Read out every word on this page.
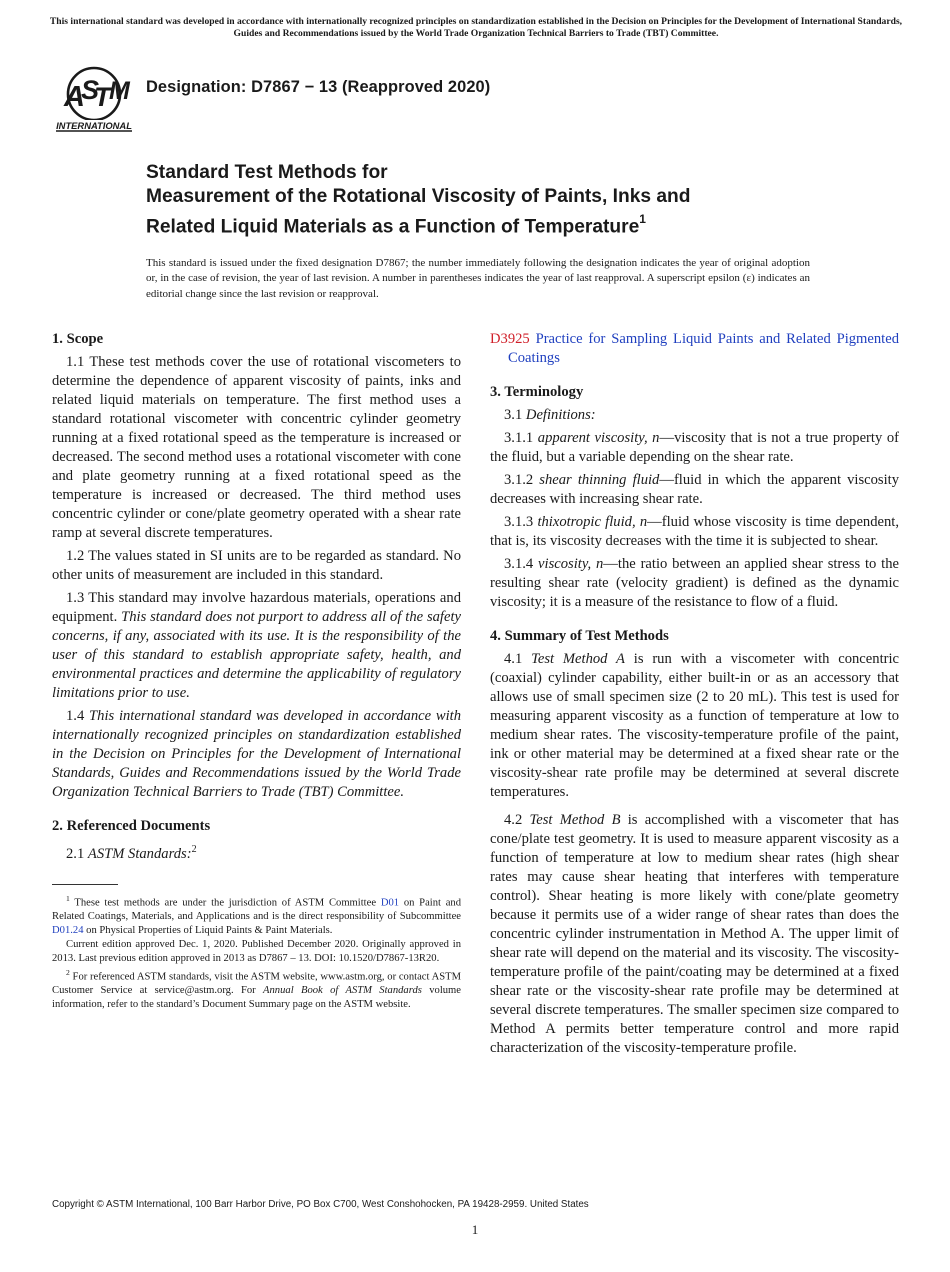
This international standard was developed in accordance with internationally recognized principles on standardization established in the Decision on Principles for the Development of International Standards, Guides and Recommendations issued by the World Trade Organization Technical Barriers to Trade (TBT) Committee.
A
S
T
M
INTERNATIONAL
Designation: D7867 − 13 (Reapproved 2020)
Standard Test Methods for
Measurement of the Rotational Viscosity of Paints, Inks and
Related Liquid Materials as a Function of Temperature$^1$
This standard is issued under the fixed designation D7867; the number immediately following the designation indicates the year of original adoption or, in the case of revision, the year of last revision. A number in parentheses indicates the year of last reapproval. A superscript epsilon (ε) indicates an editorial change since the last revision or reapproval.
1. Scope
1.1 These test methods cover the use of rotational viscometers to determine the dependence of apparent viscosity of paints, inks and related liquid materials on temperature. The first method uses a standard rotational viscometer with concentric cylinder geometry running at a fixed rotational speed as the temperature is increased or decreased. The second method uses a rotational viscometer with cone and plate geometry running at a fixed rotational speed as the temperature is increased or decreased. The third method uses concentric cylinder or cone/plate geometry operated with a shear rate ramp at several discrete temperatures.
1.2 The values stated in SI units are to be regarded as standard. No other units of measurement are included in this standard.
1.3 This standard may involve hazardous materials, operations and equipment. This standard does not purport to address all of the safety concerns, if any, associated with its use. It is the responsibility of the user of this standard to establish appropriate safety, health, and environmental practices and determine the applicability of regulatory limitations prior to use.
1.4 This international standard was developed in accordance with internationally recognized principles on standardization established in the Decision on Principles for the Development of International Standards, Guides and Recommendations issued by the World Trade Organization Technical Barriers to Trade (TBT) Committee.
2. Referenced Documents
2.1 ASTM Standards:$^2$
$^1$ These test methods are under the jurisdiction of ASTM Committee D01 on Paint and Related Coatings, Materials, and Applications and is the direct responsibility of Subcommittee D01.24 on Physical Properties of Liquid Paints & Paint Materials.
Current edition approved Dec. 1, 2020. Published December 2020. Originally approved in 2013. Last previous edition approved in 2013 as D7867 – 13. DOI: 10.1520/D7867-13R20.
$^2$ For referenced ASTM standards, visit the ASTM website, www.astm.org, or contact ASTM Customer Service at service@astm.org. For Annual Book of ASTM Standards volume information, refer to the standard’s Document Summary page on the ASTM website.
D3925 Practice for Sampling Liquid Paints and Related Pigmented Coatings
3. Terminology
3.1 Definitions:
3.1.1 apparent viscosity, n—viscosity that is not a true property of the fluid, but a variable depending on the shear rate.
3.1.2 shear thinning fluid—fluid in which the apparent viscosity decreases with increasing shear rate.
3.1.3 thixotropic fluid, n—fluid whose viscosity is time dependent, that is, its viscosity decreases with the time it is subjected to shear.
3.1.4 viscosity, n—the ratio between an applied shear stress to the resulting shear rate (velocity gradient) is defined as the dynamic viscosity; it is a measure of the resistance to flow of a fluid.
4. Summary of Test Methods
4.1 Test Method A is run with a viscometer with concentric (coaxial) cylinder capability, either built-in or as an accessory that allows use of small specimen size (2 to 20 mL). This test is used for measuring apparent viscosity as a function of temperature at low to medium shear rates. The viscosity-temperature profile of the paint, ink or other material may be determined at a fixed shear rate or the viscosity-shear rate profile may be determined at several discrete temperatures.
4.2 Test Method B is accomplished with a viscometer that has cone/plate test geometry. It is used to measure apparent viscosity as a function of temperature at low to medium shear rates (high shear rates may cause shear heating that interferes with temperature control). Shear heating is more likely with cone/plate geometry because it permits use of a wider range of shear rates than does the concentric cylinder instrumentation in Method A. The upper limit of shear rate will depend on the material and its viscosity. The viscosity-temperature profile of the paint/coating may be determined at a fixed shear rate or the viscosity-shear rate profile may be determined at several discrete temperatures. The smaller specimen size compared to Method A permits better temperature control and more rapid characterization of the viscosity-temperature profile.
Copyright © ASTM International, 100 Barr Harbor Drive, PO Box C700, West Conshohocken, PA 19428-2959. United States
1
